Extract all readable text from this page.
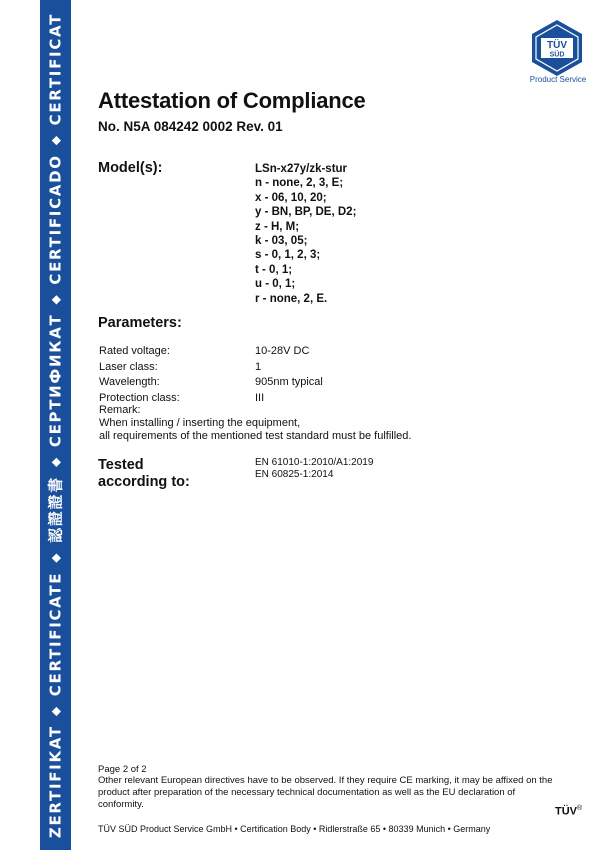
ZERTIFIKAT
◆
CERTIFICATE
◆
認證證書
◆
СЕРТИФИКАТ
◆
CERTIFICADO
◆
CERTIFICAT	TÜV
SÜD
Product Service
Attestation of Compliance
No. N5A 084242 0002 Rev. 01
Model(s):	LSn-x27y/zk-stur
n - none, 2, 3, E;
x - 06, 10, 20;
y - BN, BP, DE, D2;
z - H, M;
k - 03, 05;
s - 0, 1, 2, 3;
t - 0, 1;
u - 0, 1;
r - none, 2, E.
Parameters:
Rated voltage:	10-28V DC
Laser class:	1
Wavelength:	905nm typical
Protection class:	III
Remark:
When installing / inserting the equipment,
all requirements of the mentioned test standard must be fulfilled.
Tested
according to:
EN 61010-1:2010/A1:2019
EN 60825-1:2014
Page 2 of 2
Other relevant European directives have to be observed. If they require CE marking, it may be affixed on the product after preparation of the necessary technical documentation as well as the EU declaration of conformity.
TÜV®
TÜV SÜD Product Service GmbH • Certification Body • Ridlerstraße 65 • 80339 Munich • Germany
